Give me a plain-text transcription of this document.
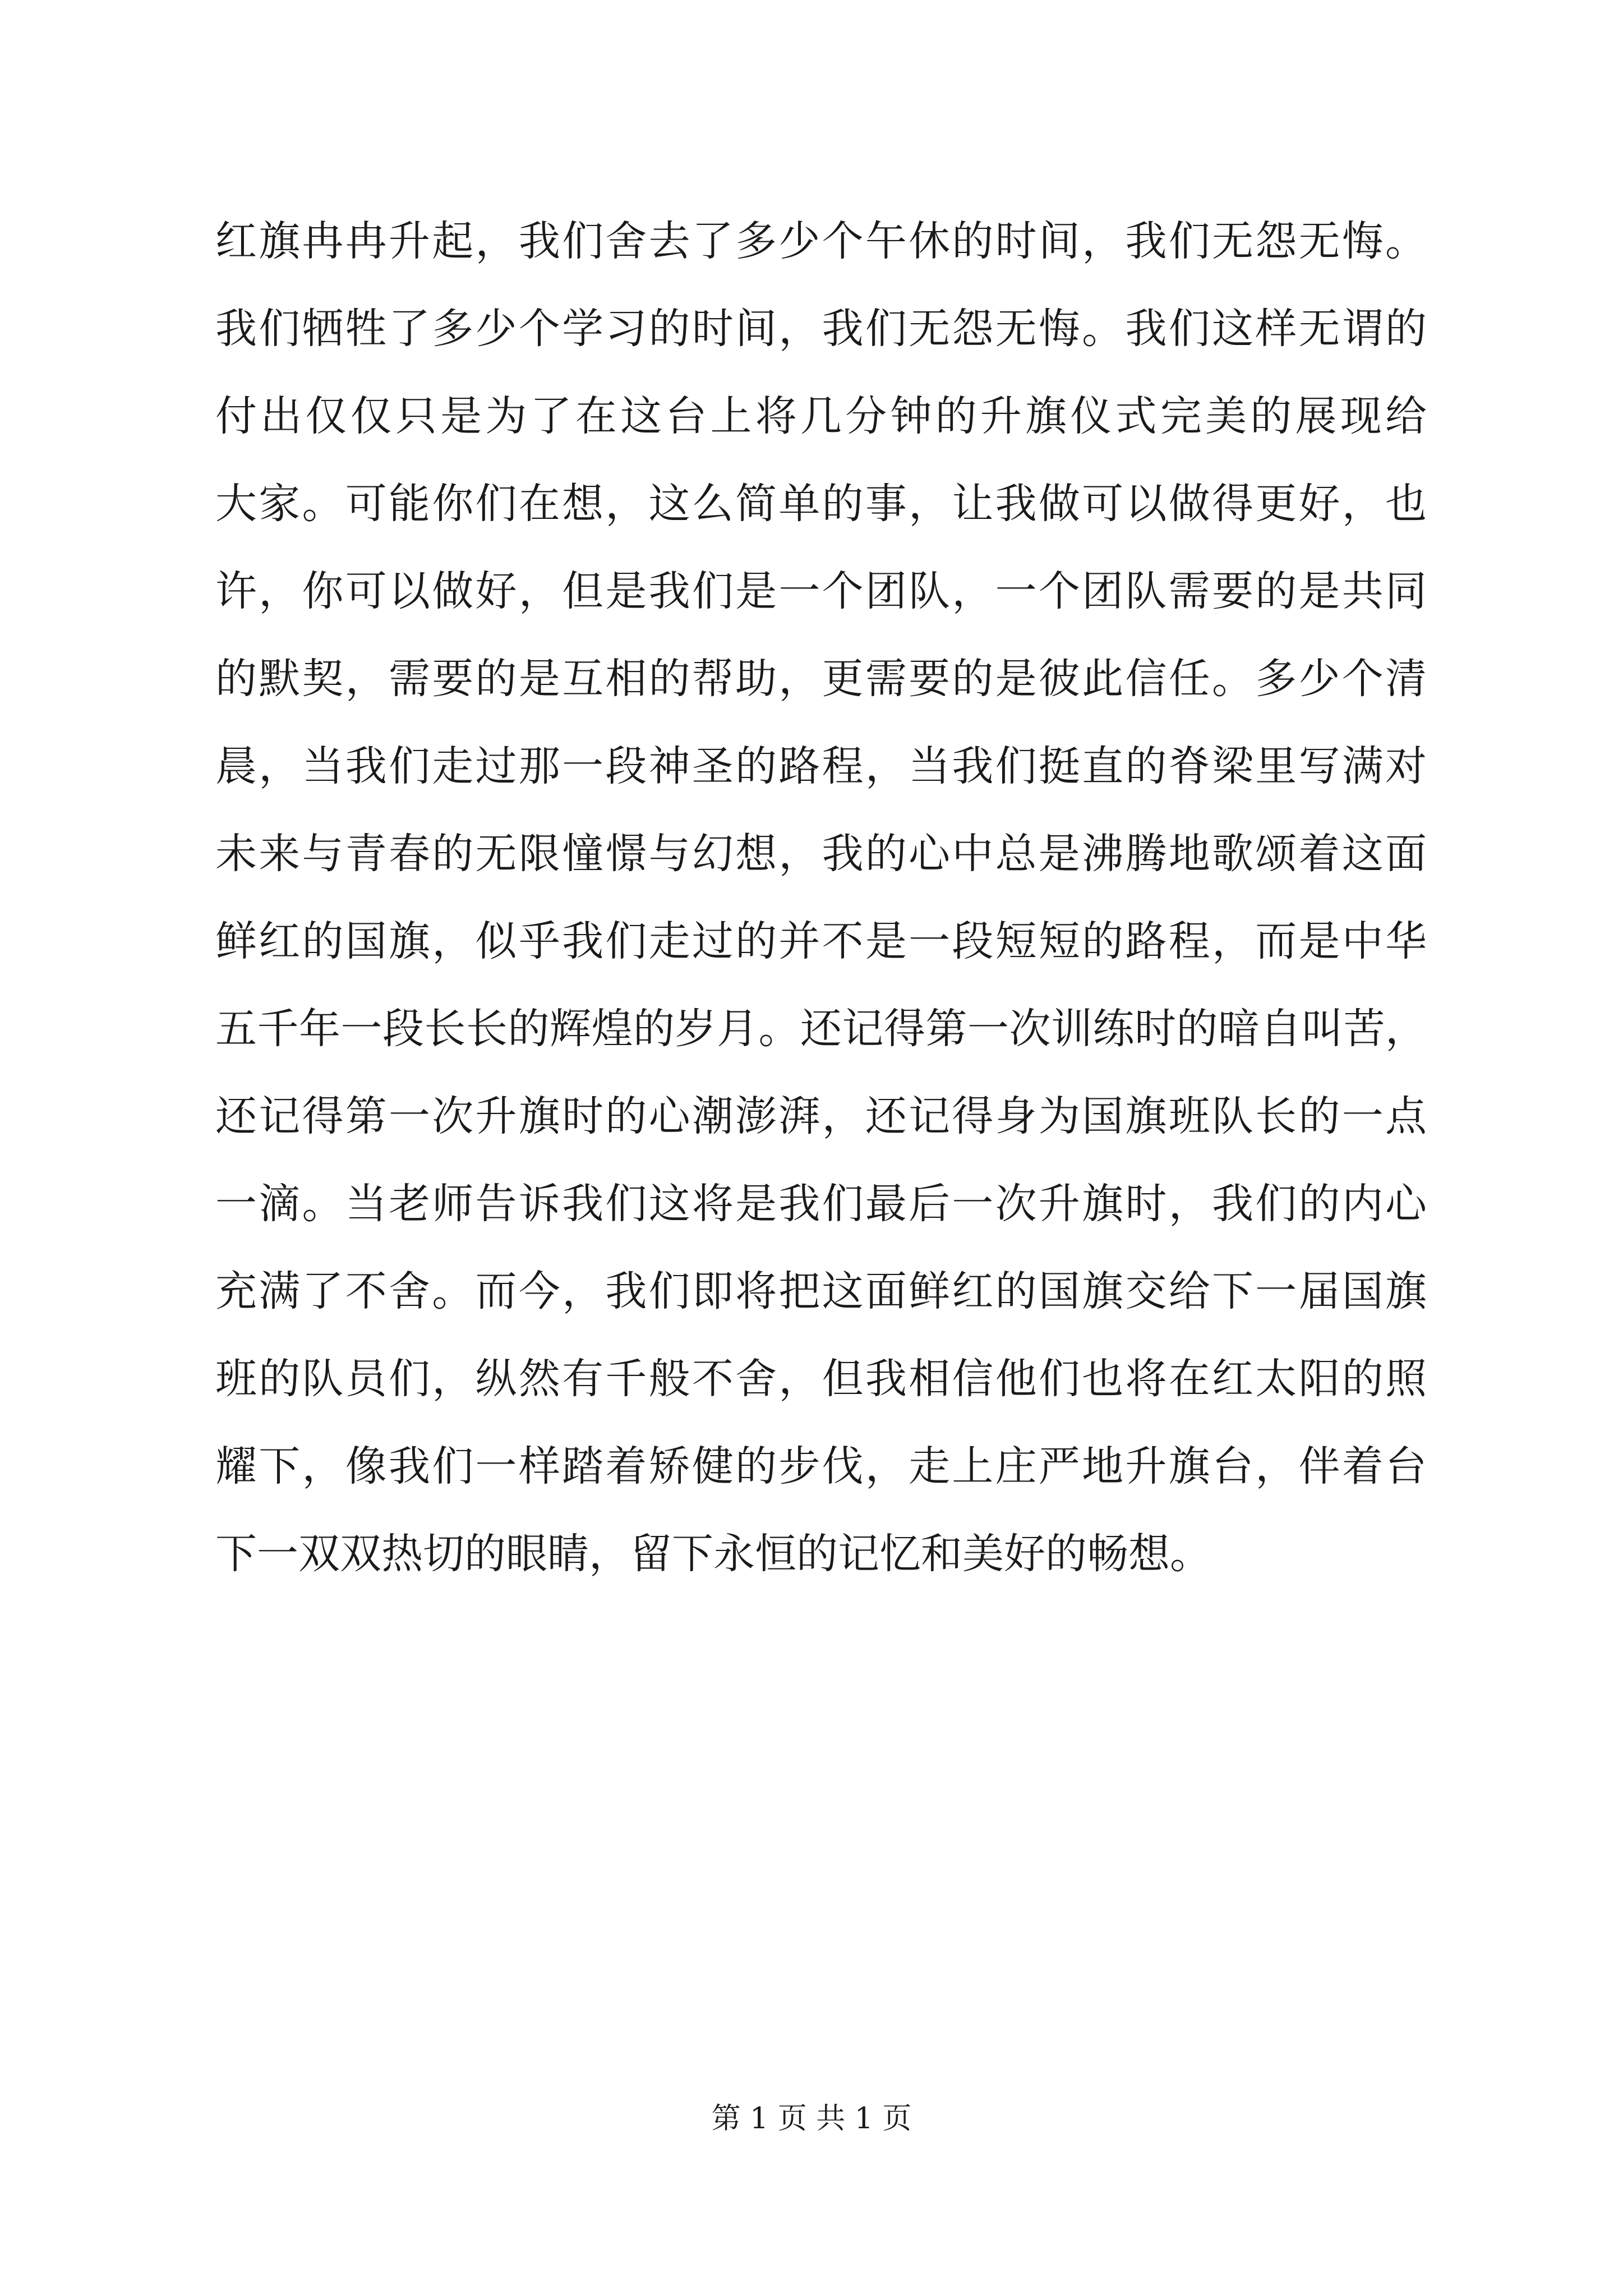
红旗冉冉升起，我们舍去了多少个午休的时间，我们无怨无悔。
我们牺牲了多少个学习的时间，我们无怨无悔。我们这样无谓的
付出仅仅只是为了在这台上将几分钟的升旗仪式完美的展现给
大家。可能你们在想，这么简单的事，让我做可以做得更好，也
许，你可以做好，但是我们是一个团队，一个团队需要的是共同
的默契，需要的是互相的帮助，更需要的是彼此信任。多少个清
晨，当我们走过那一段神圣的路程，当我们挺直的脊梁里写满对
未来与青春的无限憧憬与幻想，我的心中总是沸腾地歌颂着这面
鲜红的国旗，似乎我们走过的并不是一段短短的路程，而是中华
五千年一段长长的辉煌的岁月。还记得第一次训练时的暗自叫苦，
还记得第一次升旗时的心潮澎湃，还记得身为国旗班队长的一点
一滴。当老师告诉我们这将是我们最后一次升旗时，我们的内心
充满了不舍。而今，我们即将把这面鲜红的国旗交给下一届国旗
班的队员们，纵然有千般不舍，但我相信他们也将在红太阳的照
耀下，像我们一样踏着矫健的步伐，走上庄严地升旗台，伴着台
下一双双热切的眼睛，留下永恒的记忆和美好的畅想。
第 1 页 共 1 页
